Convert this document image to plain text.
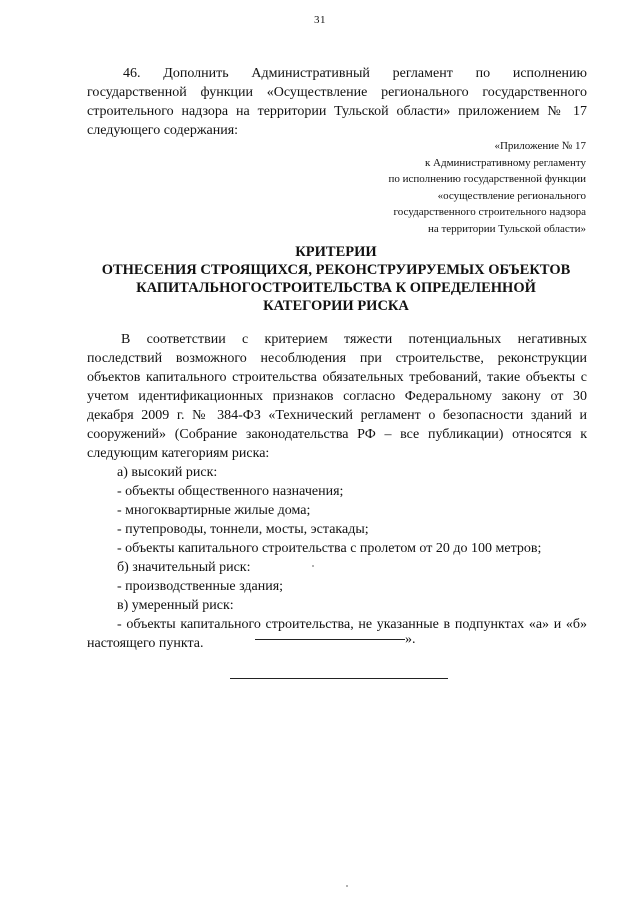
31
46. Дополнить Административный регламент по исполнению
государственной функции «Осуществление регионального государственного строительного надзора на территории Тульской области» приложением № 17 следующего содержания:
«Приложение № 17
к Административному регламенту
по исполнению государственной функции
«осуществление регионального
государственного строительного надзора
на территории Тульской области»
КРИТЕРИИ
ОТНЕСЕНИЯ СТРОЯЩИХСЯ, РЕКОНСТРУИРУЕМЫХ ОБЪЕКТОВ
КАПИТАЛЬНОГОСТРОИТЕЛЬСТВА К ОПРЕДЕЛЕННОЙ
КАТЕГОРИИ РИСКА
В соответствии с критерием тяжести потенциальных негативных последствий возможного несоблюдения при строительстве, реконструкции объектов капитального строительства обязательных требований, такие объекты с учетом идентификационных признаков согласно Федеральному закону от 30 декабря 2009 г. № 384-ФЗ «Технический регламент о безопасности зданий и сооружений» (Собрание законодательства РФ – все публикации) относятся к следующим категориям риска:
а) высокий риск:
- объекты общественного назначения;
- многоквартирные жилые дома;
- путепроводы, тоннели, мосты, эстакады;
- объекты капитального строительства с пролетом от 20 до 100 метров;
б) значительный риск:
- производственные здания;
в) умеренный риск:
- объекты капитального строительства, не указанные в подпунктах «а» и «б» настоящего пункта.	».
